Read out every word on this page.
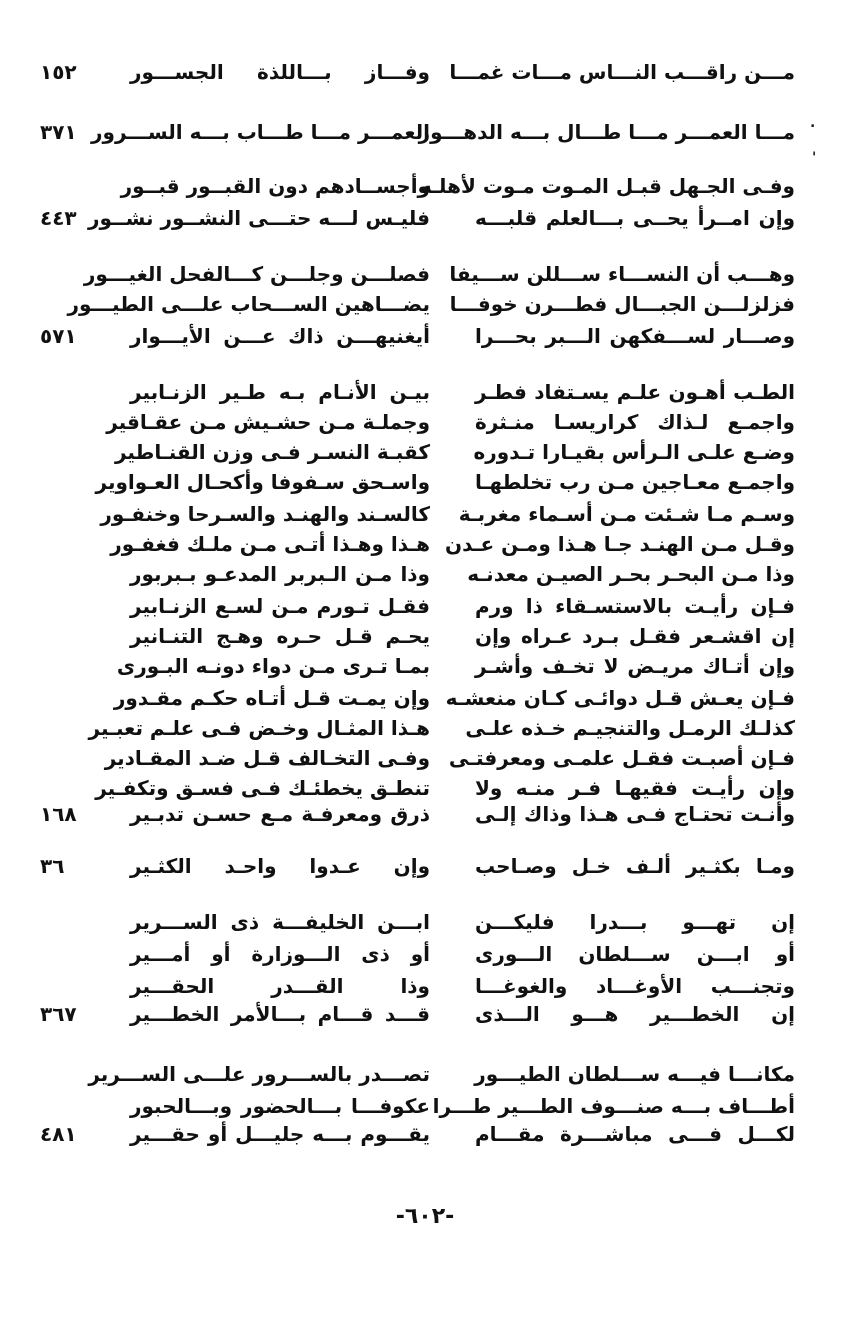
مـــن راقـــب النـــاس مـــات غمـــا
وفـــاز بـــاللذة الجســـور
١٥٢
مـــا العمـــر مـــا طـــال بـــه الدهـــور
العمـــر مـــا طـــاب بـــه الســـرور
٣٧١
وفـى الجـهل قبـل المـوت مـوت لأهلـه
وأجســادهم دون القبــور قبــور
وإن امــرأ يحــى بـــالعلم قلبـــه
فليـس لـــه حتـــى النشــور نشــور
٤٤٣
وهـــب أن النســـاء ســـللن ســـيفا
فصلـــن وجلـــن كـــالفحل الغيـــور
فزلزلـــن الجبـــال فطـــرن خوفـــا
يضـــاهين الســـحاب علـــى الطيـــور
وصـــار لســـفكهن الـــبر بحـــرا
أيغنيهـــن ذاك عـــن الأيـــوار
٥٧١
الطـب أهـون علـم يسـتفاد فطـر
بيـن الأنـام بـه طـير الزنـابير
واجمـع لـذاك كراريسـا منـثرة
وجملـة مـن حشـيش مـن عقـاقير
وضـع علـى الـرأس بقيـارا تـدوره
كقبـة النسـر فـى وزن القنـاطير
واجمـع معـاجين مـن رب تخلطهـا
واسـحق سـفوفا وأكحـال العـواوير
وسـم مـا شـئت مـن أسـماء مغربـة
كالسـند والهنـد والسـرحا وخنفـور
وقـل مـن الهنـد جـا هـذا ومـن عـدن
هـذا وهـذا أتـى مـن ملـك فغفـور
وذا مـن البحـر بحـر الصيـن معدنـه
وذا مـن الـبربر المدعـو بـبربور
فـإن رأيـت بالاستسـقاء ذا ورم
فقـل تـورم مـن لسـع الزنـابير
إن اقشـعر فقـل بـرد عـراه وإن
يحـم قـل حـره وهـج التنـانير
وإن أتـاك مريـض لا تخـف وأشـر
بمـا تـرى مـن دواء دونـه البـورى
فـإن يعـش قـل دوائـى كـان منعشـه
وإن يمـت قـل أتـاه حكـم مقـدور
كذلـك الرمـل والتنجيـم خـذه علـى
هـذا المثـال وخـض فـى علـم تعبـير
فـإن أصبـت فقـل علمـى ومعرفتـى
وفـى التخـالف قـل ضـد المقـادير
وإن رأيـت فقيهـا فـر منـه ولا
تنطـق يخطئـك فـى فسـق وتكفـير
وأنـت تحتـاج فـى هـذا وذاك إلـى
ذرق ومعرفـة مـع حسـن تدبـير
١٦٨
ومـا بكثـير ألـف خـل وصـاحب
وإن عـدوا واحـد الكثـير
٣٦
إن تهـــو بـــدرا فليكـــن
ابـــن الخليفـــة ذى الســـرير
أو ابـــن ســـلطان الـــورى
أو ذى الـــوزارة أو أمـــير
وتجنـــب الأوغـــاد والغوغـــا
وذا القـــدر الحقـــير
إن الخطـــير هـــو الـــذى
قـــد قـــام بـــالأمر الخطـــير
٣٦٧
مكانـــا فيـــه ســـلطان الطيـــور
تصـــدر بالســـرور علـــى الســـرير
أطـــاف بـــه صنـــوف الطـــير طـــرا
عكوفـــا بـــالحضور وبـــالحبور
لكـــل فـــى مباشـــرة مقـــام
يقـــوم بـــه جليـــل أو حقـــير
٤٨١
-٦٠٢-
.
'
